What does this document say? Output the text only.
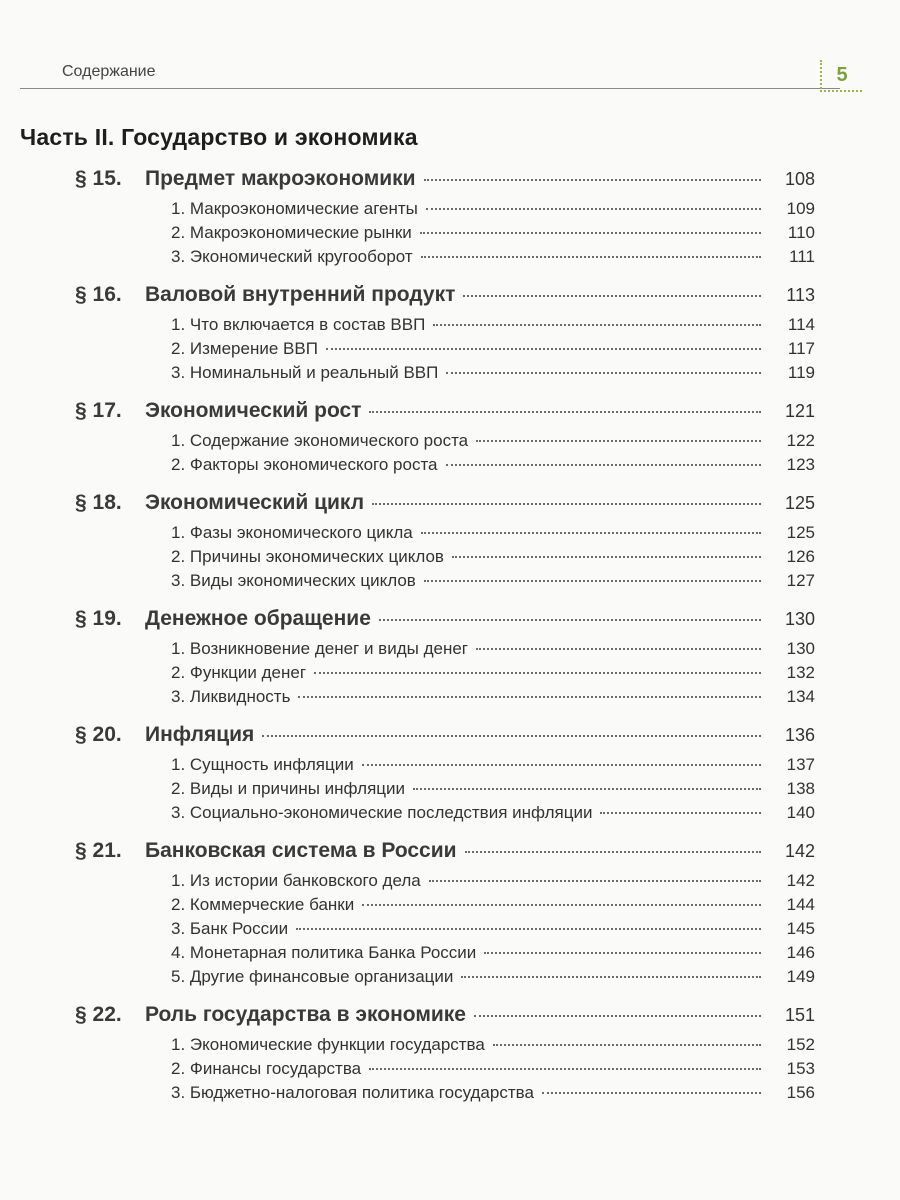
Содержание	5
Часть II. Государство и экономика
§ 15.	Предмет макроэкономики	108
1. Макроэкономические агенты	109
2. Макроэкономические рынки	110
3. Экономический кругооборот	111
§ 16.	Валовой внутренний продукт	113
1. Что включается в состав ВВП	114
2. Измерение ВВП	117
3. Номинальный и реальный ВВП	119
§ 17.	Экономический рост	121
1. Содержание экономического роста	122
2. Факторы экономического роста	123
§ 18.	Экономический цикл	125
1. Фазы экономического цикла	125
2. Причины экономических циклов	126
3. Виды экономических циклов	127
§ 19.	Денежное обращение	130
1. Возникновение денег и виды денег	130
2. Функции денег	132
3. Ликвидность	134
§ 20.	Инфляция	136
1. Сущность инфляции	137
2. Виды и причины инфляции	138
3. Социально-экономические последствия инфляции	140
§ 21.	Банковская система в России	142
1. Из истории банковского дела	142
2. Коммерческие банки	144
3. Банк России	145
4. Монетарная политика Банка России	146
5. Другие финансовые организации	149
§ 22.	Роль государства в экономике	151
1. Экономические функции государства	152
2. Финансы государства	153
3. Бюджетно-налоговая политика государства	156
